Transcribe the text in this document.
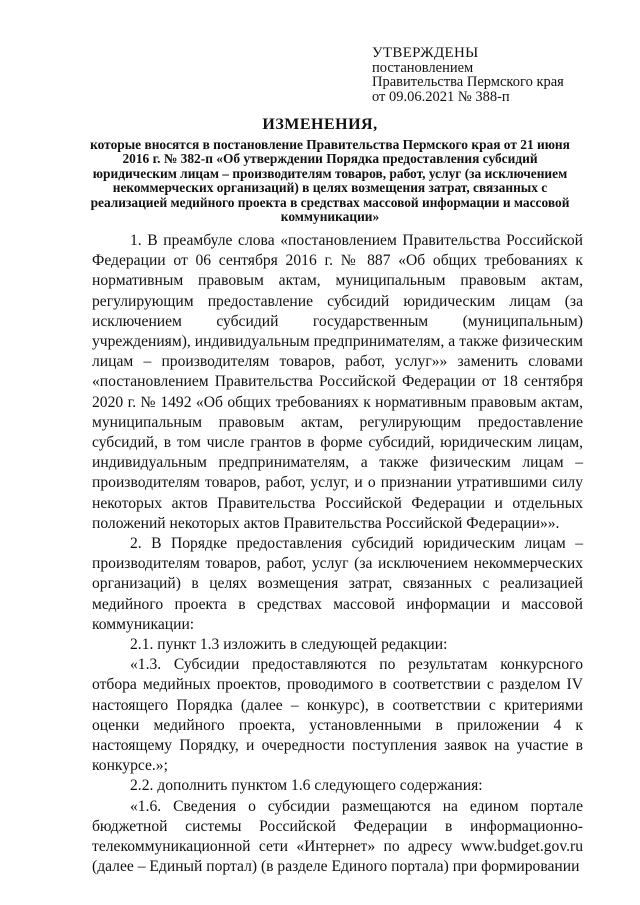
УТВЕРЖДЕНЫ
постановлением
Правительства Пермского края
от 09.06.2021 № 388-п
ИЗМЕНЕНИЯ,
которые вносятся в постановление Правительства Пермского края от 21 июня 2016 г. № 382-п «Об утверждении Порядка предоставления субсидий юридическим лицам – производителям товаров, работ, услуг (за исключением некоммерческих организаций) в целях возмещения затрат, связанных с реализацией медийного проекта в средствах массовой информации и массовой коммуникации»

1. В преамбуле слова «постановлением Правительства Российской Федерации от 06 сентября 2016 г. № 887 «Об общих требованиях к нормативным правовым актам, муниципальным правовым актам, регулирующим предоставление субсидий юридическим лицам (за исключением субсидий государственным (муниципальным) учреждениям), индивидуальным предпринимателям, а также физическим лицам – производителям товаров, работ, услуг»» заменить словами «постановлением Правительства Российской Федерации от 18 сентября 2020 г. № 1492 «Об общих требованиях к нормативным правовым актам, муниципальным правовым актам, регулирующим предоставление субсидий, в том числе грантов в форме субсидий, юридическим лицам, индивидуальным предпринимателям, а также физическим лицам – производителям товаров, работ, услуг, и о признании утратившими силу некоторых актов Правительства Российской Федерации и отдельных положений некоторых актов Правительства Российской Федерации»».

2. В Порядке предоставления субсидий юридическим лицам – производителям товаров, работ, услуг (за исключением некоммерческих организаций) в целях возмещения затрат, связанных с реализацией медийного проекта в средствах массовой информации и массовой коммуникации:

2.1. пункт 1.3 изложить в следующей редакции:

«1.3. Субсидии предоставляются по результатам конкурсного отбора медийных проектов, проводимого в соответствии с разделом IV настоящего Порядка (далее – конкурс), в соответствии с критериями оценки медийного проекта, установленными в приложении 4 к настоящему Порядку, и очередности поступления заявок на участие в конкурсе.»;

2.2. дополнить пунктом 1.6 следующего содержания:

«1.6. Сведения о субсидии размещаются на едином портале бюджетной системы Российской Федерации в информационно-телекоммуникационной сети «Интернет» по адресу www.budget.gov.ru (далее – Единый портал) (в разделе Единого портала) при формировании
